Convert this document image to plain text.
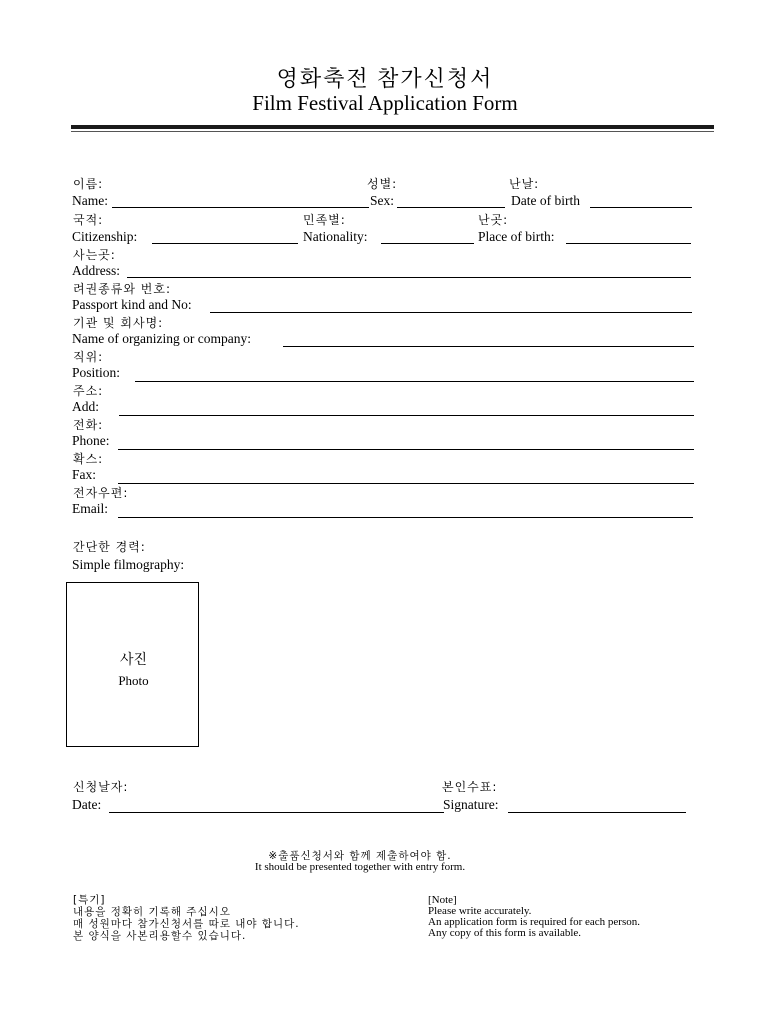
영화축전 참가신청서
Film Festival Application Form
이름:	성별:	난날:
Name:	Sex:	Date of birth
국적:	민족별:	난곳:
Citizenship:	Nationality:	Place of birth:
사는곳:
Address:
려권종류와 번호:
Passport kind and No:
기관 및 회사명:
Name of organizing or company:
직위:
Position:
주소:
Add:
전화:
Phone:
확스:
Fax:
전자우편:
Email:
간단한 경력:
Simple filmography:
사진
Photo
신청날자:	본인수표:
Date:	Signature:
※출품신청서와 함께 제출하여야 함.
It should be presented together with entry form.
[특기]
내용을 정확히 기록해 주십시오
매 성원마다 참가신청서를 따로 내야 합니다.
본 양식을 사본리용할수 있습니다.
[Note]
Please write accurately.
An application form is required for each person.
Any copy of this form is available.
